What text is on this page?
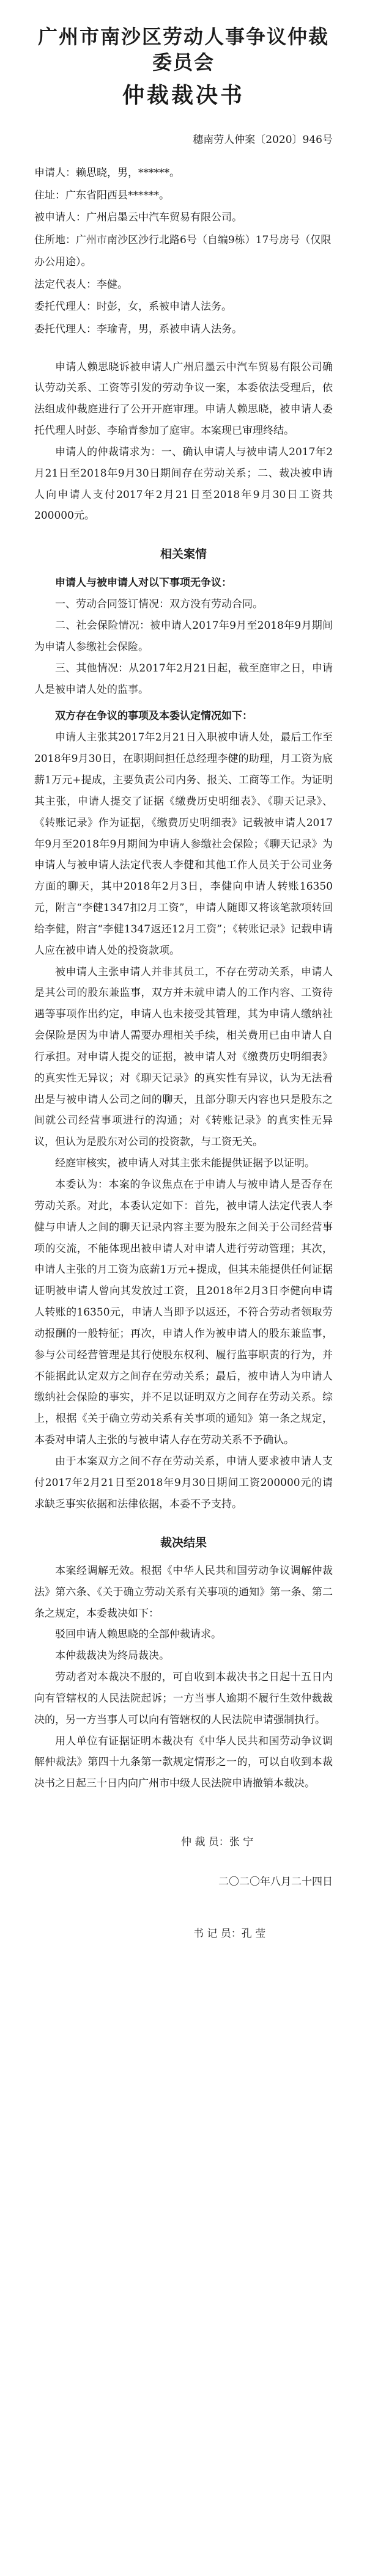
广州市南沙区劳动人事争议仲裁委员会
仲裁裁决书
穗南劳人仲案〔2020〕946号

申请人：赖思晓，男，******。

住址：广东省阳西县******。

被申请人：广州启墨云中汽车贸易有限公司。

住所地：广州市南沙区沙行北路6号（自编9栋）17号房号（仅限办公用途）。

法定代表人：李健。

委托代理人：时彭，女，系被申请人法务。

委托代理人：李瑜青，男，系被申请人法务。

申请人赖思晓诉被申请人广州启墨云中汽车贸易有限公司确认劳动关系、工资等引发的劳动争议一案，本委依法受理后，依法组成仲裁庭进行了公开开庭审理。申请人赖思晓，被申请人委托代理人时彭、李瑜青参加了庭审。本案现已审理终结。

申请人的仲裁请求为：一、确认申请人与被申请人2017年2月21日至2018年9月30日期间存在劳动关系；二、裁决被申请人向申请人支付2017年2月21日至2018年9月30日工资共200000元。

相关案情

申请人与被申请人对以下事项无争议：

一、劳动合同签订情况：双方没有劳动合同。

二、社会保险情况：被申请人2017年9月至2018年9月期间为申请人参缴社会保险。

三、其他情况：从2017年2月21日起，截至庭审之日，申请人是被申请人处的监事。

双方存在争议的事项及本委认定情况如下：

申请人主张其2017年2月21日入职被申请人处，最后工作至2018年9月30日，在职期间担任总经理李健的助理，月工资为底薪1万元+提成，主要负责公司内务、报关、工商等工作。为证明其主张，申请人提交了证据《缴费历史明细表》、《聊天记录》、《转账记录》作为证据，《缴费历史明细表》记载被申请人2017年9月至2018年9月期间为申请人参缴社会保险；《聊天记录》为申请人与被申请人法定代表人李健和其他工作人员关于公司业务方面的聊天，其中2018年2月3日，李健向申请人转账16350元，附言“李健1347扣2月工资”，申请人随即又将该笔款项转回给李健，附言“李健1347返还12月工资”；《转账记录》记载申请人应在被申请人处的投资款项。

被申请人主张申请人并非其员工，不存在劳动关系，申请人是其公司的股东兼监事，双方并未就申请人的工作内容、工资待遇等事项作出约定，申请人也未接受其管理，其为申请人缴纳社会保险是因为申请人需要办理相关手续，相关费用已由申请人自行承担。对申请人提交的证据，被申请人对《缴费历史明细表》的真实性无异议；对《聊天记录》的真实性有异议，认为无法看出是与被申请人公司之间的聊天，且部分聊天内容也只是股东之间就公司经营事项进行的沟通；对《转账记录》的真实性无异议，但认为是股东对公司的投资款，与工资无关。

经庭审核实，被申请人对其主张未能提供证据予以证明。

本委认为：本案的争议焦点在于申请人与被申请人是否存在劳动关系。对此，本委认定如下：首先，被申请人法定代表人李健与申请人之间的聊天记录内容主要为股东之间关于公司经营事项的交流，不能体现出被申请人对申请人进行劳动管理；其次，申请人主张的月工资为底薪1万元+提成，但其未能提供任何证据证明被申请人曾向其发放过工资，且2018年2月3日李健向申请人转账的16350元，申请人当即予以返还，不符合劳动者领取劳动报酬的一般特征；再次，申请人作为被申请人的股东兼监事，参与公司经营管理是其行使股东权利、履行监事职责的行为，并不能据此认定双方之间存在劳动关系；最后，被申请人为申请人缴纳社会保险的事实，并不足以证明双方之间存在劳动关系。综上，根据《关于确立劳动关系有关事项的通知》第一条之规定，本委对申请人主张的与被申请人存在劳动关系不予确认。

由于本案双方之间不存在劳动关系，申请人要求被申请人支付2017年2月21日至2018年9月30日期间工资200000元的请求缺乏事实依据和法律依据，本委不予支持。

裁决结果

本案经调解无效。根据《中华人民共和国劳动争议调解仲裁法》第六条、《关于确立劳动关系有关事项的通知》第一条、第二条之规定，本委裁决如下：

驳回申请人赖思晓的全部仲裁请求。

本仲裁裁决为终局裁决。

劳动者对本裁决不服的，可自收到本裁决书之日起十五日内向有管辖权的人民法院起诉；一方当事人逾期不履行生效仲裁裁决的，另一方当事人可以向有管辖权的人民法院申请强制执行。

用人单位有证据证明本裁决有《中华人民共和国劳动争议调解仲裁法》第四十九条第一款规定情形之一的，可以自收到本裁决书之日起三十日内向广州市中级人民法院申请撤销本裁决。

仲 裁 员：张 宁

二〇二〇年八月二十四日
书 记 员：孔 莹
